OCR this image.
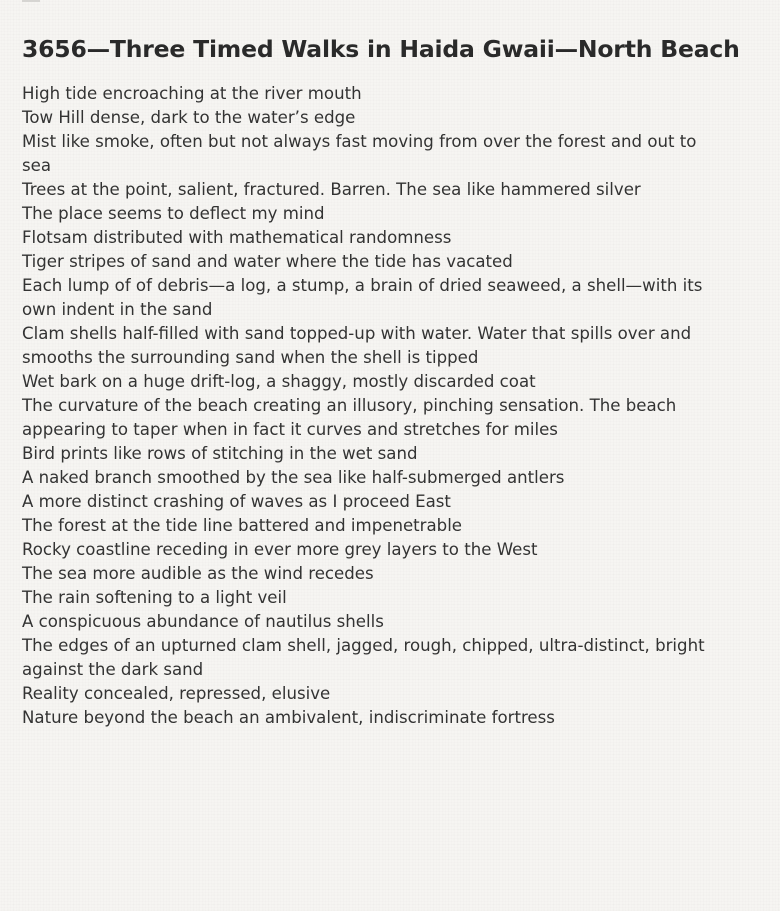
3656—Three Timed Walks in Haida Gwaii—North Beach

High tide encroaching at the river mouth

Tow Hill dense, dark to the water’s edge

Mist like smoke, often but not always fast moving from over the forest and out to sea

Trees at the point, salient, fractured. Barren. The sea like hammered silver

The place seems to deflect my mind

Flotsam distributed with mathematical randomness

Tiger stripes of sand and water where the tide has vacated

Each lump of of debris—a log, a stump, a brain of dried seaweed, a shell—with its own indent in the sand

Clam shells half-filled with sand topped-up with water. Water that spills over and smooths the surrounding sand when the shell is tipped

Wet bark on a huge drift-log, a shaggy, mostly discarded coat

The curvature of the beach creating an illusory, pinching sensation. The beach appearing to taper when in fact it curves and stretches for miles

Bird prints like rows of stitching in the wet sand

A naked branch smoothed by the sea like half-submerged antlers

A more distinct crashing of waves as I proceed East

The forest at the tide line battered and impenetrable

Rocky coastline receding in ever more grey layers to the West

The sea more audible as the wind recedes

The rain softening to a light veil

A conspicuous abundance of nautilus shells

The edges of an upturned clam shell, jagged, rough, chipped, ultra-distinct, bright against the dark sand

Reality concealed, repressed, elusive

Nature beyond the beach an ambivalent, indiscriminate fortress
